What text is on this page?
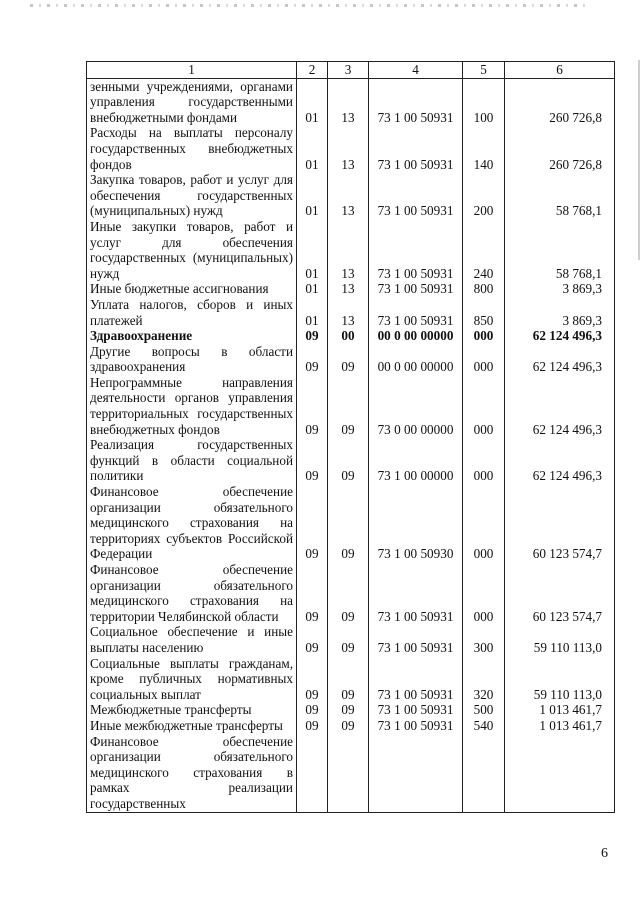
1	2	3	4	5	6
зенными учреждениями, органами управления государственными внебюджетными фондами	01	13	73 1 00 50931	100	260 726,8
Расходы на выплаты персоналу государственных внебюджетных фондов	01	13	73 1 00 50931	140	260 726,8
Закупка товаров, работ и услуг для обеспечения государственных (муниципальных) нужд	01	13	73 1 00 50931	200	58 768,1
Иные закупки товаров, работ и услуг для обеспечения государственных (муниципальных) нужд	01	13	73 1 00 50931	240	58 768,1
Иные бюджетные ассигнования	01	13	73 1 00 50931	800	3 869,3
Уплата налогов, сборов и иных платежей	01	13	73 1 00 50931	850	3 869,3
Здравоохранение	09	00	00 0 00 00000	000	62 124 496,3
Другие вопросы в области здравоохранения	09	09	00 0 00 00000	000	62 124 496,3
Непрограммные направления деятельности органов управления территориальных государственных внебюджетных фондов	09	09	73 0 00 00000	000	62 124 496,3
Реализация государственных функций в области социальной политики	09	09	73 1 00 00000	000	62 124 496,3
Финансовое обеспечение организации обязательного медицинского страхования на территориях субъектов Российской Федерации	09	09	73 1 00 50930	000	60 123 574,7
Финансовое обеспечение организации обязательного медицинского страхования на территории Челябинской области	09	09	73 1 00 50931	000	60 123 574,7
Социальное обеспечение и иные выплаты населению	09	09	73 1 00 50931	300	59 110 113,0
Социальные выплаты гражданам, кроме публичных нормативных социальных выплат	09	09	73 1 00 50931	320	59 110 113,0
Межбюджетные трансферты	09	09	73 1 00 50931	500	1 013 461,7
Иные межбюджетные трансферты	09	09	73 1 00 50931	540	1 013 461,7
Финансовое обеспечение организации обязательного медицинского страхования в рамках реализации государственных					
6
